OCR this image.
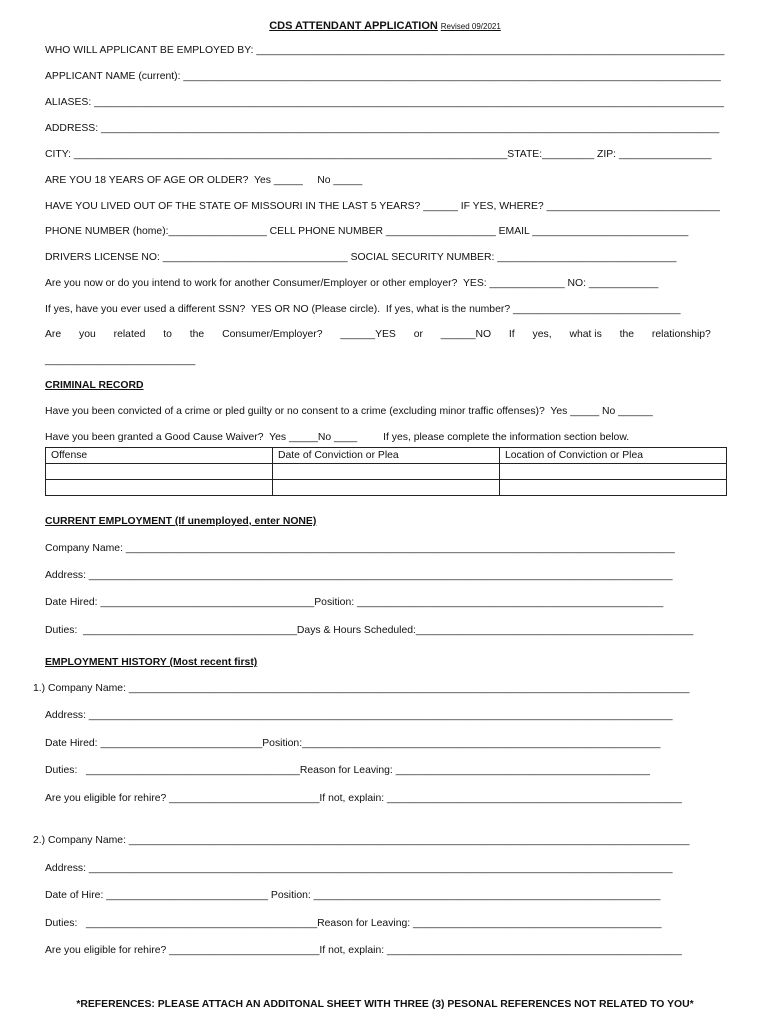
CDS ATTENDANT APPLICATION Revised 09/2021
WHO WILL APPLICANT BE EMPLOYED BY: _________________________________________________________________________________
APPLICANT NAME (current): _____________________________________________________________________________________________
ALIASES: _____________________________________________________________________________________________________________
ADDRESS: ___________________________________________________________________________________________________________
CITY: ___________________________________________________________________________STATE:_________ ZIP: ________________
ARE YOU 18 YEARS OF AGE OR OLDER?  Yes _____     No _____
HAVE YOU LIVED OUT OF THE STATE OF MISSOURI IN THE LAST 5 YEARS? ______ IF YES, WHERE? ______________________________
PHONE NUMBER (home):_________________ CELL PHONE NUMBER ___________________ EMAIL ___________________________
DRIVERS LICENSE NO: ________________________________ SOCIAL SECURITY NUMBER: _______________________________
Are you now or do you intend to work for another Consumer/Employer or other employer?  YES: _____________ NO: ____________
If yes, have you ever used a different SSN?  YES OR NO (Please circle).  If yes, what is the number? _____________________________
Are you related to the Consumer/Employer? ______YES or ______NO If yes, what is the relationship?
__________________________
CRIMINAL RECORD
Have you been convicted of a crime or pled guilty or no consent to a crime (excluding minor traffic offenses)?  Yes _____ No ______
Have you been granted a Good Cause Waiver?  Yes _____No ____         If yes, please complete the information section below.
Offense	Date of Conviction or Plea	Location of Conviction or Plea

CURRENT EMPLOYMENT (If unemployed, enter NONE)
Company Name: _______________________________________________________________________________________________
Address: _____________________________________________________________________________________________________
Date Hired: _____________________________________Position: _____________________________________________________
Duties:  _____________________________________Days & Hours Scheduled:________________________________________________
EMPLOYMENT HISTORY (Most recent first)
1.) Company Name: _________________________________________________________________________________________________
Address: _____________________________________________________________________________________________________
Date Hired: ____________________________Position:______________________________________________________________
Duties:   _____________________________________Reason for Leaving: ____________________________________________
Are you eligible for rehire? __________________________If not, explain: ___________________________________________________
2.) Company Name: _________________________________________________________________________________________________
Address: _____________________________________________________________________________________________________
Date of Hire: ____________________________ Position: ____________________________________________________________
Duties:   ________________________________________Reason for Leaving: ___________________________________________
Are you eligible for rehire? __________________________If not, explain: ___________________________________________________
*REFERENCES: PLEASE ATTACH AN ADDITONAL SHEET WITH THREE (3) PESONAL REFERENCES NOT RELATED TO YOU*
